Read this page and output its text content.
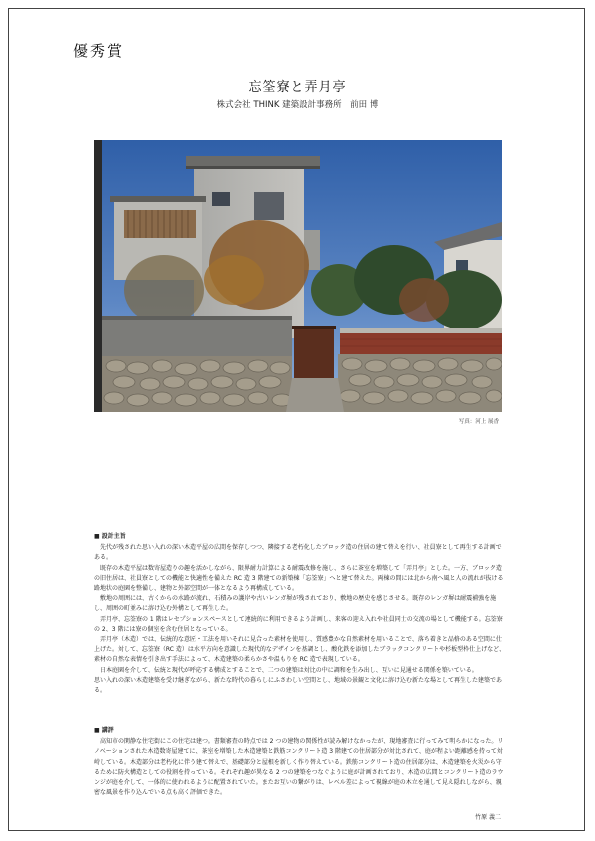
優秀賞
忘筌寮と弄月亭
株式会社 THINK 建築設計事務所　前田 博
写真：河上 展香
■ 設計主旨

先代が残された思い入れの深い木造平屋の広間を保存しつつ、隣接する老朽化したブロック造の住居の建て替えを行い、社員寮として再生する計画である。

既存の木造平屋は数寄屋造りの趣を活かしながら、限界耐力計算による耐震改修を施し、さらに茶室を増築して「弄月亭」とした。一方、ブロック造の旧住居は、社員寮としての機能と快適性を備えた RC 造 3 階建ての新築棟「忘筌寮」へと建て替えた。両棟の間には北から南へ風と人の流れが抜ける路地状の庭園を整備し、建物と外部空間が一体となるよう再構成している。

敷地の周囲には、古くからの水路が流れ、石積みの護岸や古いレンガ塀が残されており、敷地の歴史を感じさせる。既存のレンガ塀は耐震補強を施し、周囲の町並みに溶け込む外構として再生した。

弄月亭、忘筌寮の 1 階はレセプションスペースとして連続的に利用できるよう計画し、来客の迎え入れや社員同士の交流の場として機能する。忘筌寮の 2、3 階には寮の個室を含む住居となっている。

弄月亭（木造）では、伝統的な意匠・工法を用いそれに見合った素材を使用し、質感豊かな自然素材を用いることで、落ち着きと品格のある空間に仕上げた。対して、忘筌寮（RC 造）は水平方向を意識した現代的なデザインを基調とし、酸化鉄を添加したブラックコンクリートや杉板型枠仕上げなど、素材の自然な表情を引き出す手法によって、木造建築の柔らかさや温もりを RC 造で表現している。

日本庭園を介して、伝統と現代が呼応する構成とすることで、二つの建築は対比の中に調和を生み出し、互いに見通せる関係を築いている。

思い入れの深い木造建築を受け継ぎながら、新たな時代の暮らしにふさわしい空間とし、地域の景観と文化に溶け込む新たな場として再生した建築である。

■ 講評

高知市の閑静な住宅街にこの住宅は建つ。書類審査の時点では 2 つの建物の関係性が読み解けなかったが、現地審査に行ってみて明らかになった。リノベーションされた木造数寄屋建てに、茶室を増築した木造建築と鉄筋コンクリート造 3 階建ての住居部分が対比されて、庭が程よい距離感を持って対峙している。木造部分は老朽化に伴う建て替えで、基礎部分と屋根を新しく作り替えている。鉄筋コンクリート造の住居部分は、木造建築を火災から守るために防火構造としての役割を持っている。それぞれ趣が異なる 2 つの建築をつなぐように庭が計画されており、木造の広間とコンクリート造のラウンジが庭を介して、一体的に使われるように配置されていた。またお互いの繋がりは、レベル差によって視線が庭の木立を通して見え隠れしながら、親密な風景を作り込んでいる点も高く評価できた。

竹原 義二
